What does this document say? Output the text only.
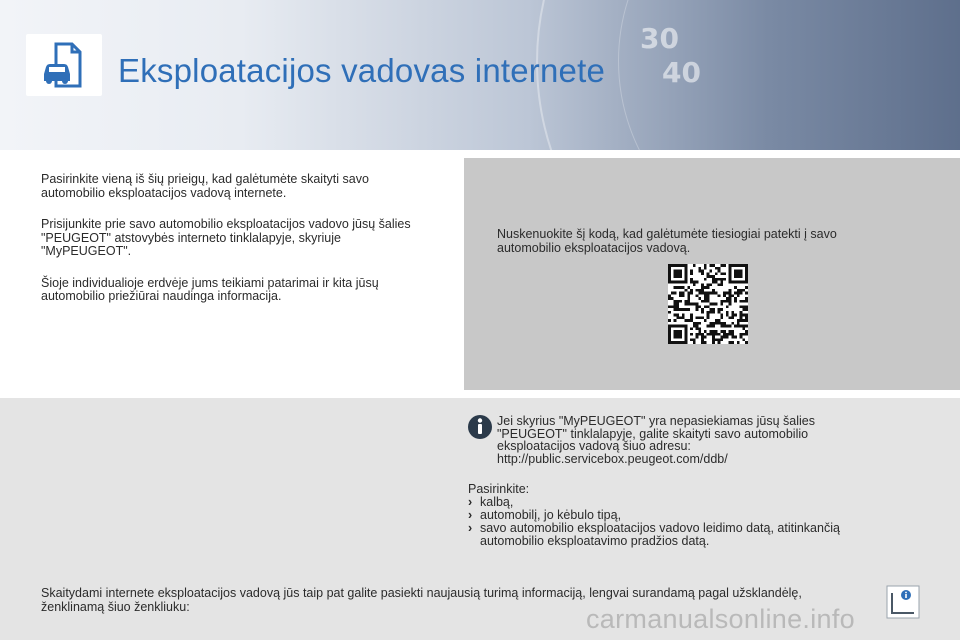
30
40
Eksploatacijos vadovas internete

Pasirinkite vieną iš šių prieigų, kad galėtumėte skaityti savo automobilio eksploatacijos vadovą internete.

Prisijunkite prie savo automobilio eksploatacijos vadovo jūsų šalies "PEUGEOT" atstovybės interneto tinklalapyje, skyriuje "MyPEUGEOT".

Šioje individualioje erdvėje jums teikiami patarimai ir kita jūsų automobilio priežiūrai naudinga informacija.

Nuskenuokite šį kodą, kad galėtumėte tiesiogiai patekti į savo automobilio eksploatacijos vadovą.
Jei skyrius "MyPEUGEOT" yra nepasiekiamas jūsų šalies
"PEUGEOT" tinklalapyje, galite skaityti savo automobilio
eksploatacijos vadovą šiuo adresu:
http://public.servicebox.peugeot.com/ddb/
Pasirinkite:
› kalbą,
› automobilį, jo kėbulo tipą,
› savo automobilio eksploatacijos vadovo leidimo datą, atitinkančią automobilio eksploatavimo pradžios datą.
Skaitydami internete eksploatacijos vadovą jūs taip pat galite pasiekti naujausią turimą informaciją, lengvai surandamą pagal užsklandėlę, ženklinamą šiuo ženkliuku:	carmanualsonline.info
